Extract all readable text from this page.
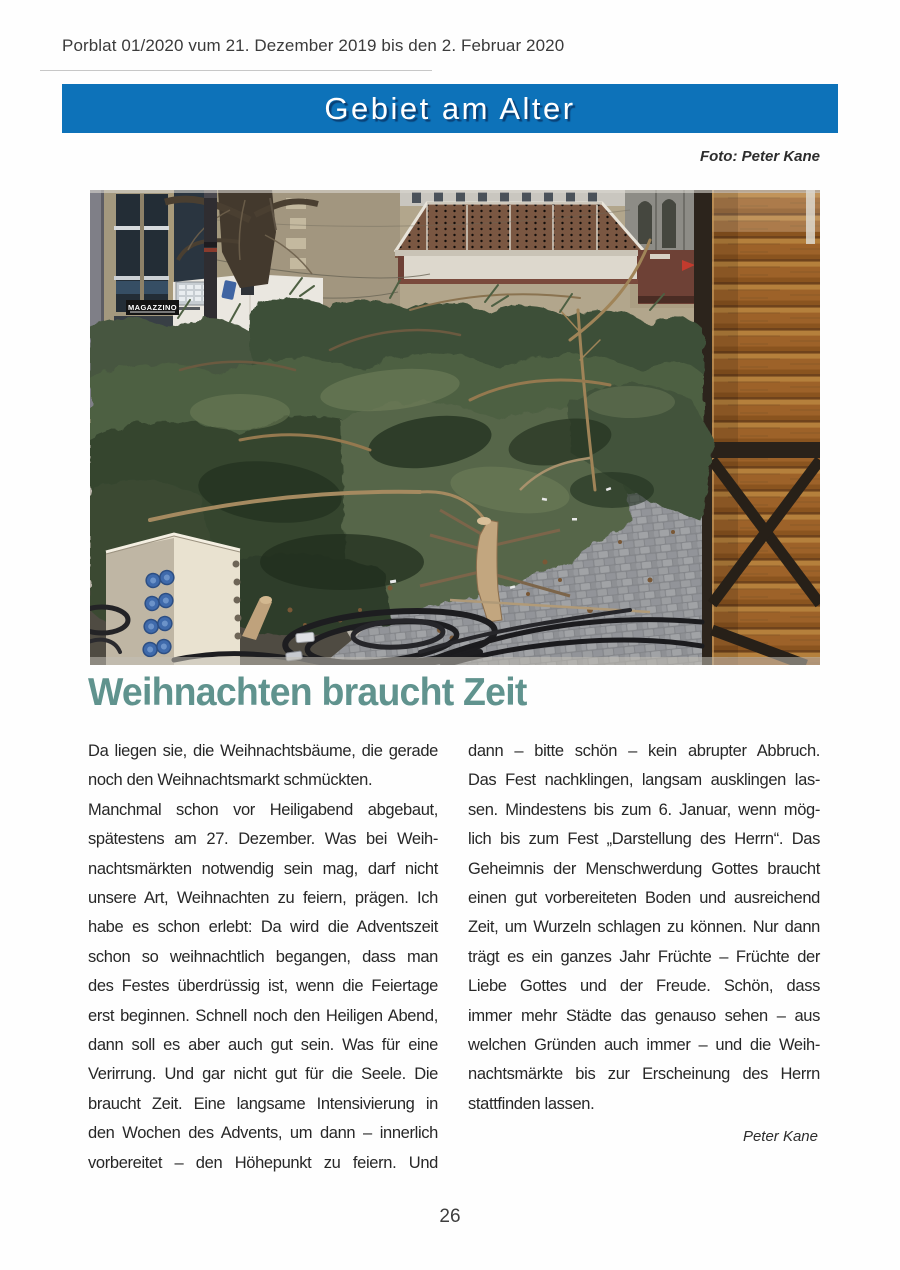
Porblat 01/2020 vum 21. Dezember 2019 bis den 2. Februar 2020
Gebiet am Alter
Foto: Peter Kane
MAGAZZINO
Weihnachten braucht Zeit
Da liegen sie, die Weihnachtsbäume, die gerade
noch den Weihnachtsmarkt schmückten.
Manchmal schon vor Heiligabend abgebaut,
spätestens am 27. Dezember. Was bei Weih-
nachtsmärkten notwendig sein mag, darf nicht
unsere Art, Weihnachten zu feiern, prägen. Ich
habe es schon erlebt: Da wird die Adventszeit
schon so weihnachtlich begangen, dass man
des Festes überdrüssig ist, wenn die Feiertage
erst beginnen. Schnell noch den Heiligen Abend,
dann soll es aber auch gut sein. Was für eine
Verirrung. Und gar nicht gut für die Seele. Die
braucht Zeit. Eine langsame Intensivierung in
den Wochen des Advents, um dann – innerlich
vorbereitet – den Höhepunkt zu feiern. Und
dann – bitte schön – kein abrupter Abbruch.
Das Fest nachklingen, langsam ausklingen las-
sen. Mindestens bis zum 6. Januar, wenn mög-
lich bis zum Fest „Darstellung des Herrn“. Das
Geheimnis der Menschwerdung Gottes braucht
einen gut vorbereiteten Boden und ausreichend
Zeit, um Wurzeln schlagen zu können. Nur dann
trägt es ein ganzes Jahr Früchte – Früchte der
Liebe Gottes und der Freude. Schön, dass
immer mehr Städte das genauso sehen – aus
welchen Gründen auch immer – und die Weih-
nachtsmärkte bis zur Erscheinung des Herrn
stattfinden lassen.
Peter Kane
26
